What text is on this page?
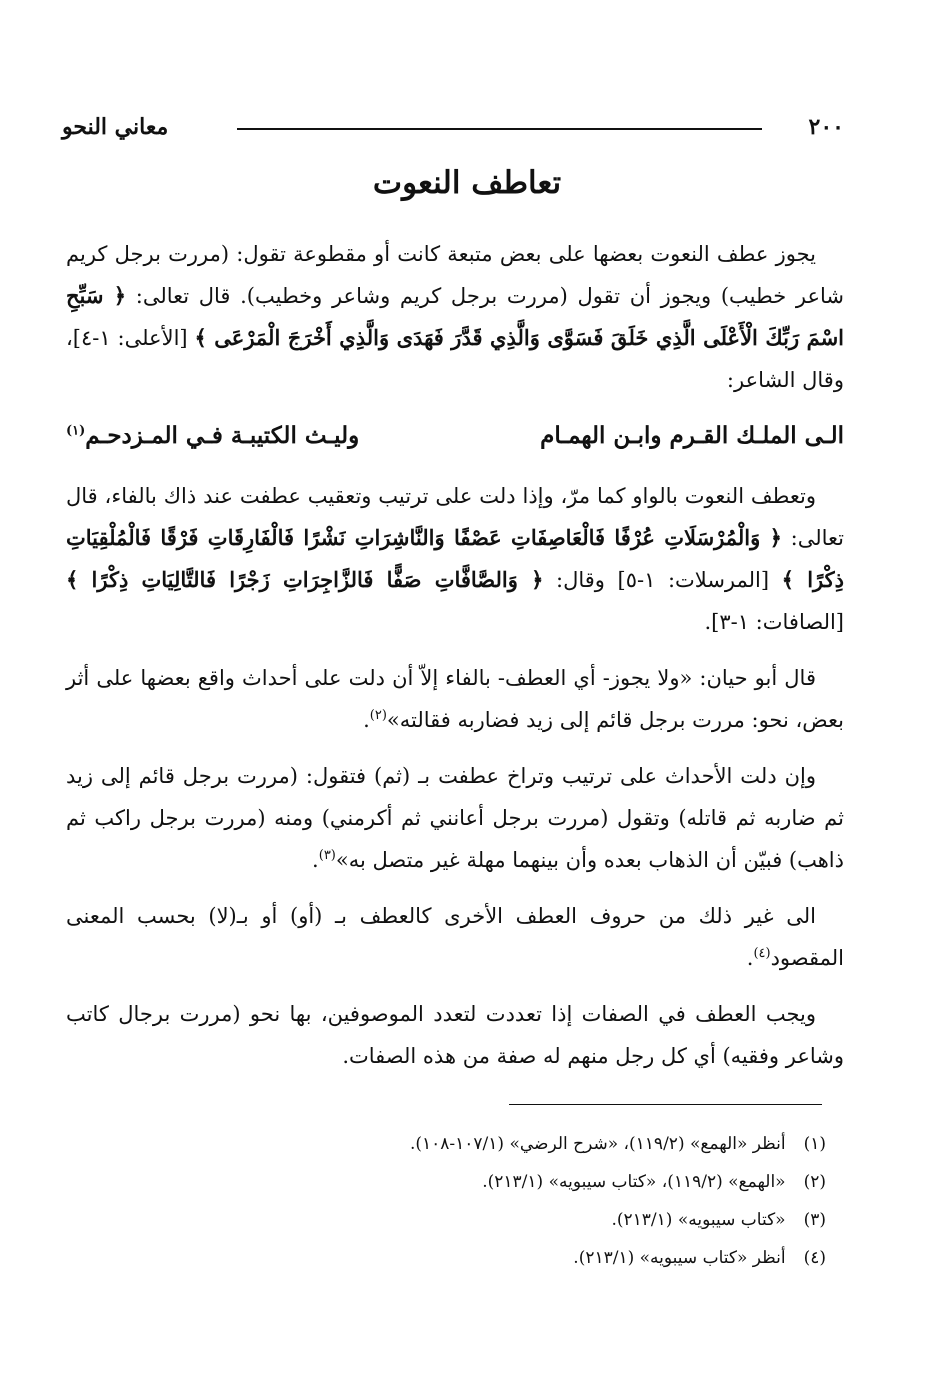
٢٠٠
معاني النحو
تعاطف النعوت

يجوز عطف النعوت بعضها على بعض متبعة كانت أو مقطوعة تقول: (مررت برجل كريم شاعر خطيب) ويجوز أن تقول (مررت برجل كريم وشاعر وخطيب). قال تعالى: ﴿ سَبِّحِ اسْمَ رَبِّكَ الْأَعْلَى الَّذِي خَلَقَ فَسَوَّى وَالَّذِي قَدَّرَ فَهَدَى وَالَّذِي أَخْرَجَ الْمَرْعَى ﴾ [الأعلى: ١-٤]، وقال الشاعر:

الـى الملـك القـرم وابـن الهمـام
وليـث الكتيبـة فـي المـزدحـم$^{(١)}$

وتعطف النعوت بالواو كما مرّ، وإذا دلت على ترتيب وتعقيب عطفت عند ذاك بالفاء، قال تعالى: ﴿ وَالْمُرْسَلَاتِ عُرْفًا فَالْعَاصِفَاتِ عَصْفًا وَالنَّاشِرَاتِ نَشْرًا فَالْفَارِقَاتِ فَرْقًا فَالْمُلْقِيَاتِ ذِكْرًا ﴾ [المرسلات: ١-٥] وقال: ﴿ وَالصَّافَّاتِ صَفًّا فَالزَّاجِرَاتِ زَجْرًا فَالتَّالِيَاتِ ذِكْرًا ﴾ [الصافات: ١-٣].

قال أبو حيان: «ولا يجوز- أي العطف- بالفاء إلاّ أن دلت على أحداث واقع بعضها على أثر بعض، نحو: مررت برجل قائم إلى زيد فضاربه فقالته»$^{(٢)}$.

وإن دلت الأحداث على ترتيب وتراخ عطفت بـ (ثم) فتقول: (مررت برجل قائم إلى زيد ثم ضاربه ثم قاتله) وتقول (مررت برجل أعانني ثم أكرمني) ومنه (مررت برجل راكب ثم ذاهب) فبيّن أن الذهاب بعده وأن بينهما مهلة غير متصل به»$^{(٣)}$.

الى غير ذلك من حروف العطف الأخرى كالعطف بـ (أو) أو بـ(لا) بحسب المعنى المقصود$^{(٤)}$.

ويجب العطف في الصفات إذا تعددت لتعدد الموصوفين، بها نحو (مررت برجال كاتب وشاعر وفقيه) أي كل رجل منهم له صفة من هذه الصفات.

(١)
أنظر «الهمع» (١١٩/٢)، «شرح الرضي» (١٠٧/١-١٠٨).
(٢)
«الهمع» (١١٩/٢)، «كتاب سيبويه» (٢١٣/١).
(٣)
«كتاب سيبويه» (٢١٣/١).
(٤)
أنظر «كتاب سيبويه» (٢١٣/١).
